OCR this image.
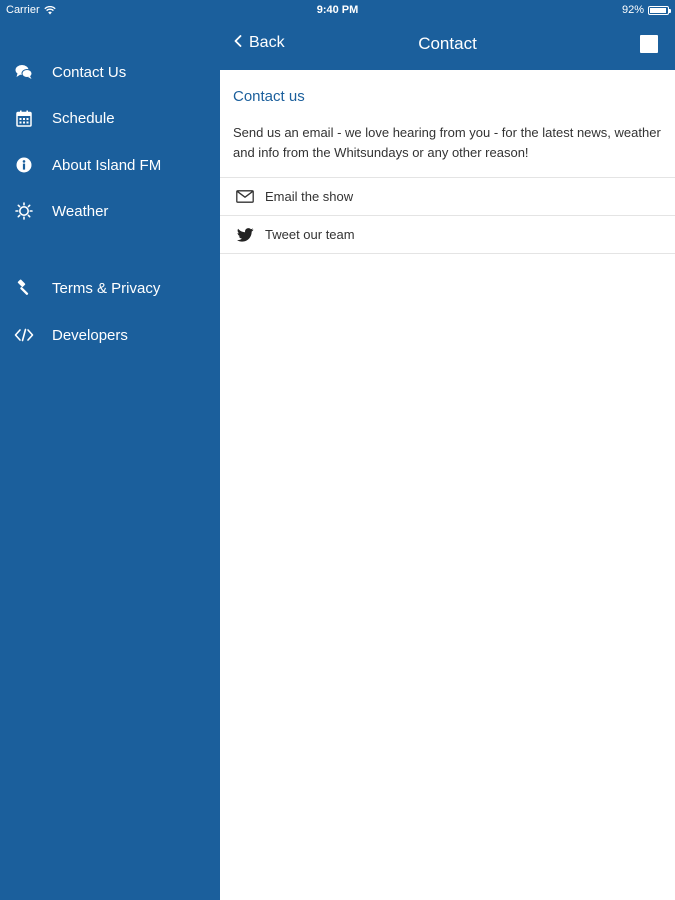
Carrier	9:40 PM	92%
Contact Us
Schedule
About Island FM
Weather
Terms & Privacy
Developers
Back	Contact
Contact us
Send us an email - we love hearing from you - for the latest news, weather and info from the Whitsundays or any other reason!
Email the show
Tweet our team
